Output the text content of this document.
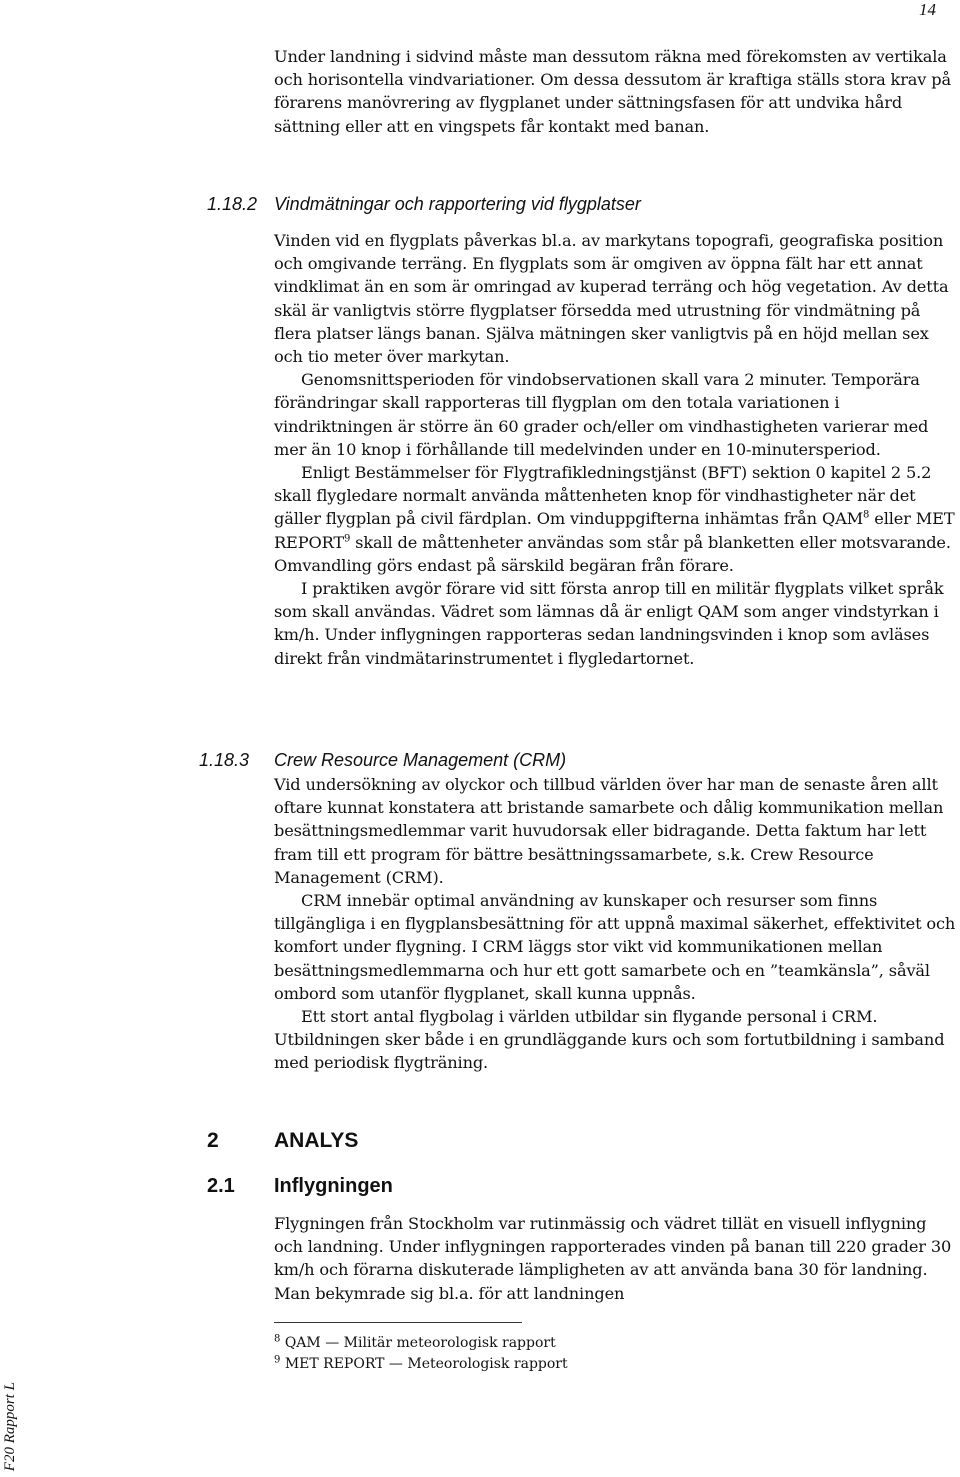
14

Under landning i sidvind måste man dessutom räkna med förekomsten av vertikala och horisontella vindvariationer. Om dessa dessutom är kraftiga ställs stora krav på förarens manövrering av flygplanet under sättningsfasen för att undvika hård sättning eller att en vingspets får kontakt med banan.

1.18.2 Vindmätningar och rapportering vid flygplatser

Vinden vid en flygplats påverkas bl.a. av markytans topografi, geografiska position och omgivande terräng. En flygplats som är omgiven av öppna fält har ett annat vindklimat än en som är omringad av kuperad terräng och hög vegetation. Av detta skäl är vanligtvis större flygplatser försedda med utrustning för vindmätning på flera platser längs banan. Själva mätningen sker vanligtvis på en höjd mellan sex och tio meter över markytan.

Genomsnittsperioden för vindobservationen skall vara 2 minuter. Temporära förändringar skall rapporteras till flygplan om den totala variationen i vindriktningen är större än 60 grader och/eller om vindhastigheten varierar med mer än 10 knop i förhållande till medelvinden under en 10-minutersperiod.

Enligt Bestämmelser för Flygtrafikledningstjänst (BFT) sektion 0 kapitel 2 5.2 skall flygledare normalt använda måttenheten knop för vindhastigheter när det gäller flygplan på civil färdplan. Om vinduppgifterna inhämtas från QAM$^8$ eller MET REPORT$^9$ skall de måttenheter användas som står på blanketten eller motsvarande. Omvandling görs endast på särskild begäran från förare.

I praktiken avgör förare vid sitt första anrop till en militär flygplats vilket språk som skall användas. Vädret som lämnas då är enligt QAM som anger vindstyrkan i km/h. Under inflygningen rapporteras sedan landningsvinden i knop som avläses direkt från vindmätarinstrumentet i flygledartornet.

1.18.3 Crew Resource Management (CRM)

Vid undersökning av olyckor och tillbud världen över har man de senaste åren allt oftare kunnat konstatera att bristande samarbete och dålig kommunikation mellan besättningsmedlemmar varit huvudorsak eller bidragande. Detta faktum har lett fram till ett program för bättre besättningssamarbete, s.k. Crew Resource Management (CRM).

CRM innebär optimal användning av kunskaper och resurser som finns tillgängliga i en flygplansbesättning för att uppnå maximal säkerhet, effektivitet och komfort under flygning. I CRM läggs stor vikt vid kommunikationen mellan besättningsmedlemmarna och hur ett gott samarbete och en ”teamkänsla”, såväl ombord som utanför flygplanet, skall kunna uppnås.

Ett stort antal flygbolag i världen utbildar sin flygande personal i CRM. Utbildningen sker både i en grundläggande kurs och som fortutbildning i samband med periodisk flygträning.

2	ANALYS
2.1 Inflygningen

Flygningen från Stockholm var rutinmässig och vädret tillät en visuell inflygning och landning. Under inflygningen rapporterades vinden på banan till 220 grader 30 km/h och förarna diskuterade lämpligheten av att använda bana 30 för landning. Man bekymrade sig bl.a. för att landningen

$^8$ QAM — Militär meteorologisk rapport
$^9$ MET REPORT — Meteorologisk rapport
F20 Rapport L
